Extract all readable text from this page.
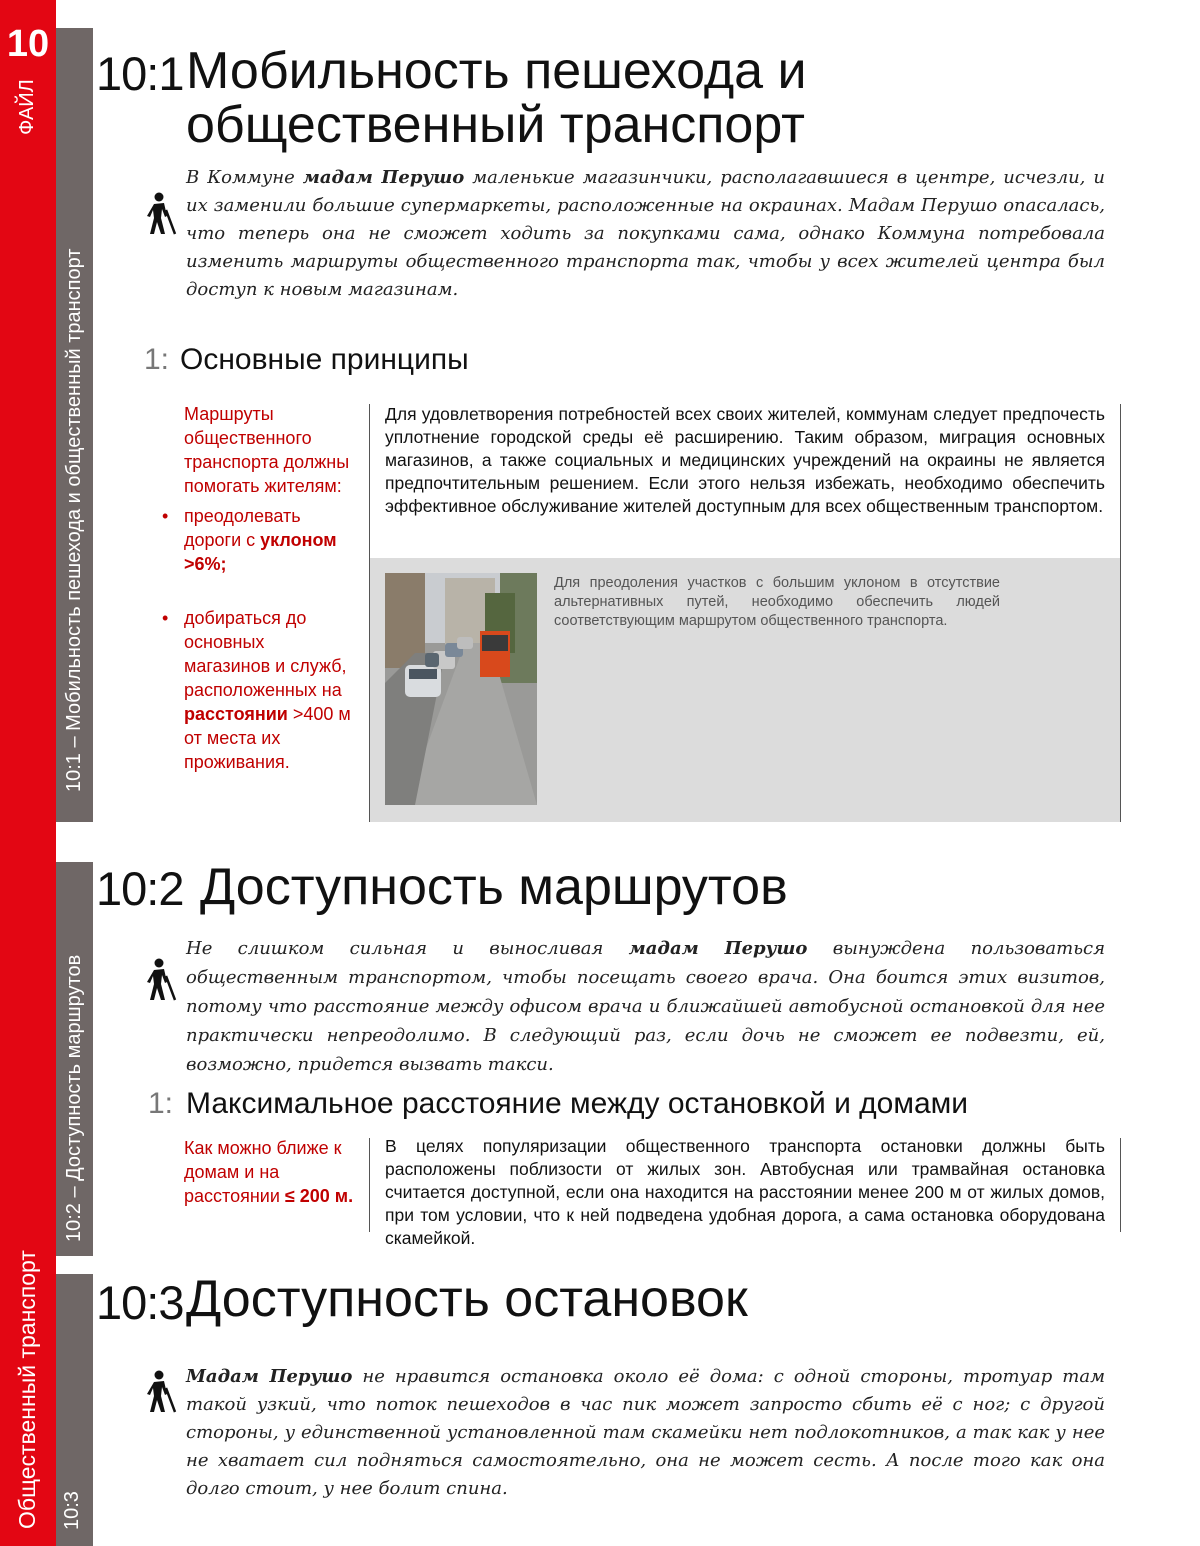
10
ФАЙЛ
Общественный транспорт
10:1 – Мобильность пешехода и общественный транспорт
10:2 – Доступность маршрутов
10:3
10:1 Мобильность пешехода и
общественный транспорт
В Коммуне мадам Перушо маленькие магазинчики, располагавшиеся в центре, исчезли, и их заменили большие супермаркеты, расположенные на окраинах. Мадам Перушо опасалась, что теперь она не сможет ходить за покупками сама, однако Коммуна потребовала изменить маршруты общественного транспорта так, чтобы у всех жителей центра был доступ к новым магазинам.
1: Основные принципы
Маршруты общественного транспорта должны помогать жителям:
• преодолевать дороги с уклоном >6%;
• добираться до основных магазинов и служб, расположенных на расстоянии >400 м от места их проживания.
Для удовлетворения потребностей всех своих жителей, коммунам следует предпочесть уплотнение городской среды её расширению. Таким образом, миграция основных магазинов, а также социальных и медицинских учреждений на окраины не является предпочтительным решением. Если этого нельзя избежать, необходимо обеспечить эффективное обслуживание жителей доступным для всех общественным транспортом.
Для преодоления участков с большим уклоном в отсутствие альтернативных путей, необходимо обеспечить людей соответствующим маршрутом общественного транспорта.
10:2 Доступность маршрутов
Не слишком сильная и выносливая мадам Перушо вынуждена пользоваться общественным транспортом, чтобы посещать своего врача. Она боится этих визитов, потому что расстояние между офисом врача и ближайшей автобусной остановкой для нее практически непреодолимо. В следующий раз, если дочь не сможет ее подвезти, ей, возможно, придется вызвать такси.
1: Максимальное расстояние между остановкой и домами
Как можно ближе к домам и на расстоянии ≤ 200 м.
В целях популяризации общественного транспорта остановки должны быть расположены поблизости от жилых зон. Автобусная или трамвайная остановка считается доступной, если она находится на расстоянии менее 200 м от жилых домов, при том условии, что к ней подведена удобная дорога, а сама остановка оборудована скамейкой.
10:3 Доступность остановок
Мадам Перушо не нравится остановка около её дома: с одной стороны, тротуар там такой узкий, что поток пешеходов в час пик может запросто сбить её с ног; с другой стороны, у единственной установленной там скамейки нет подлокотников, а так как у нее не хватает сил подняться самостоятельно, она не может сесть. А после того как она долго стоит, у нее болит спина.
